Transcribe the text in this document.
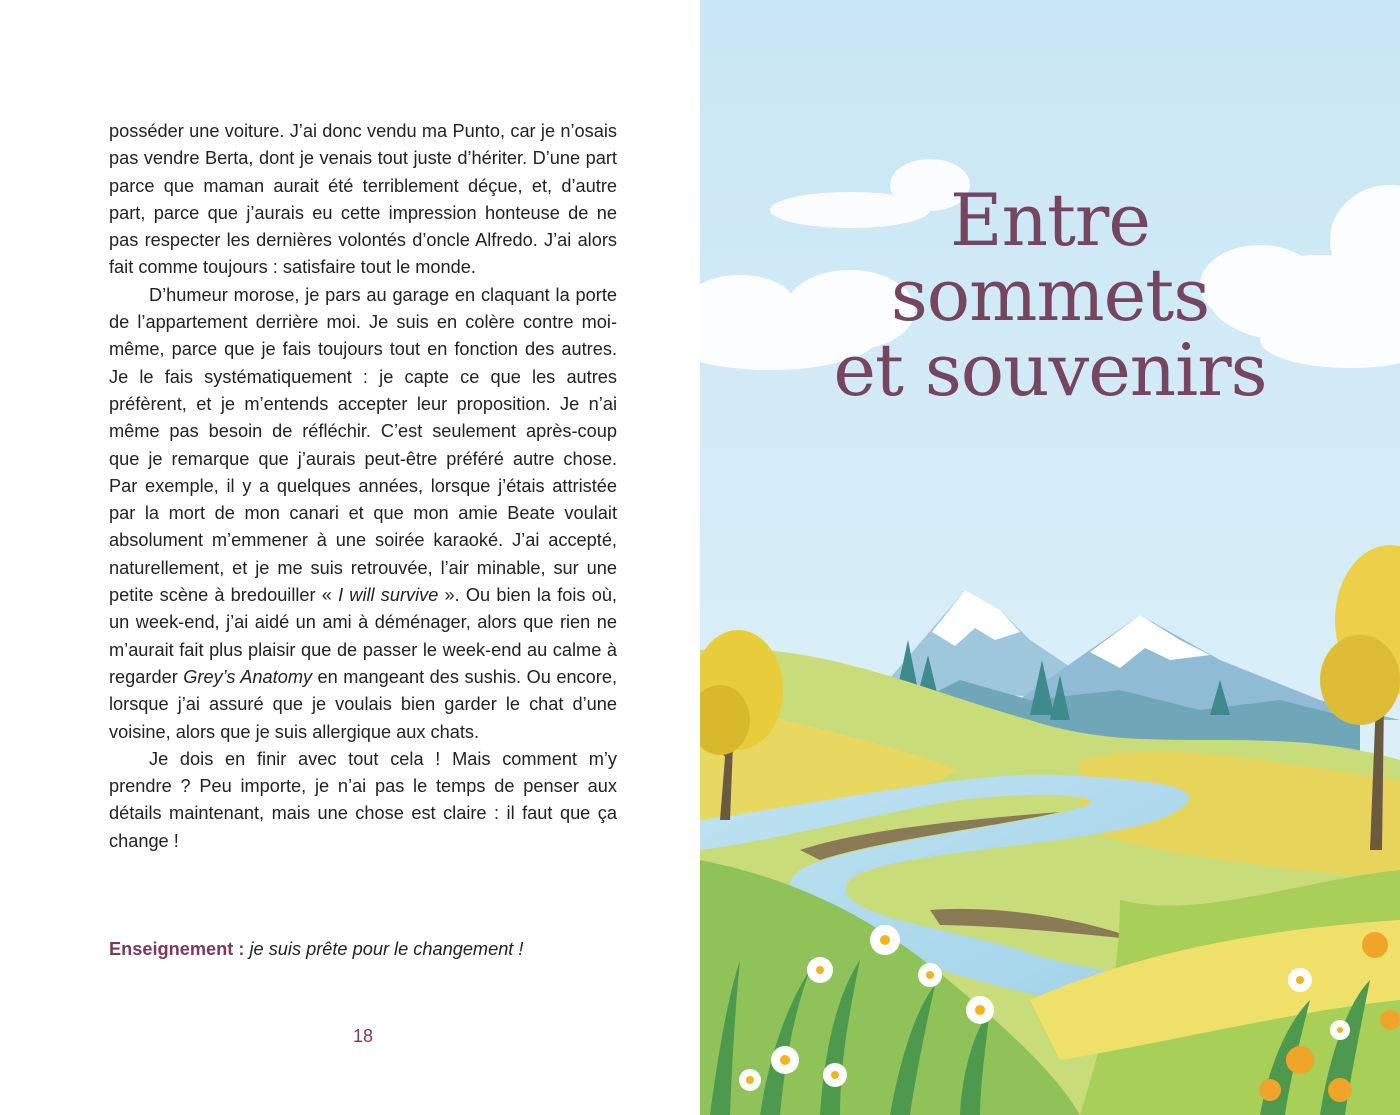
posséder une voiture. J’ai donc vendu ma Punto, car je n’osais pas vendre Berta, dont je venais tout juste d’hériter. D’une part parce que maman aurait été terriblement déçue, et, d’autre part, parce que j’aurais eu cette impression honteuse de ne pas respecter les dernières volontés d’oncle Alfredo. J’ai alors fait comme toujours : satisfaire tout le monde.

D’humeur morose, je pars au garage en claquant la porte de l’appartement derrière moi. Je suis en colère contre moi-même, parce que je fais toujours tout en fonction des autres. Je le fais systématiquement : je capte ce que les autres préfèrent, et je m’entends accepter leur proposition. Je n’ai même pas besoin de réfléchir. C’est seulement après-coup que je remarque que j’aurais peut-être préféré autre chose. Par exemple, il y a quelques années, lorsque j’étais attristée par la mort de mon canari et que mon amie Beate voulait absolument m’emmener à une soirée karaoké. J’ai accepté, naturellement, et je me suis retrouvée, l’air minable, sur une petite scène à bredouiller « I will survive ». Ou bien la fois où, un week-end, j’ai aidé un ami à déménager, alors que rien ne m’aurait fait plus plaisir que de passer le week-end au calme à regarder Grey’s Anatomy en mangeant des sushis. Ou encore, lorsque j’ai assuré que je voulais bien garder le chat d’une voisine, alors que je suis allergique aux chats.

Je dois en finir avec tout cela ! Mais comment m’y prendre ? Peu importe, je n’ai pas le temps de penser aux détails maintenant, mais une chose est claire : il faut que ça change !

Enseignement : je suis prête pour le changement !
18
Entre
sommets
et souvenirs
